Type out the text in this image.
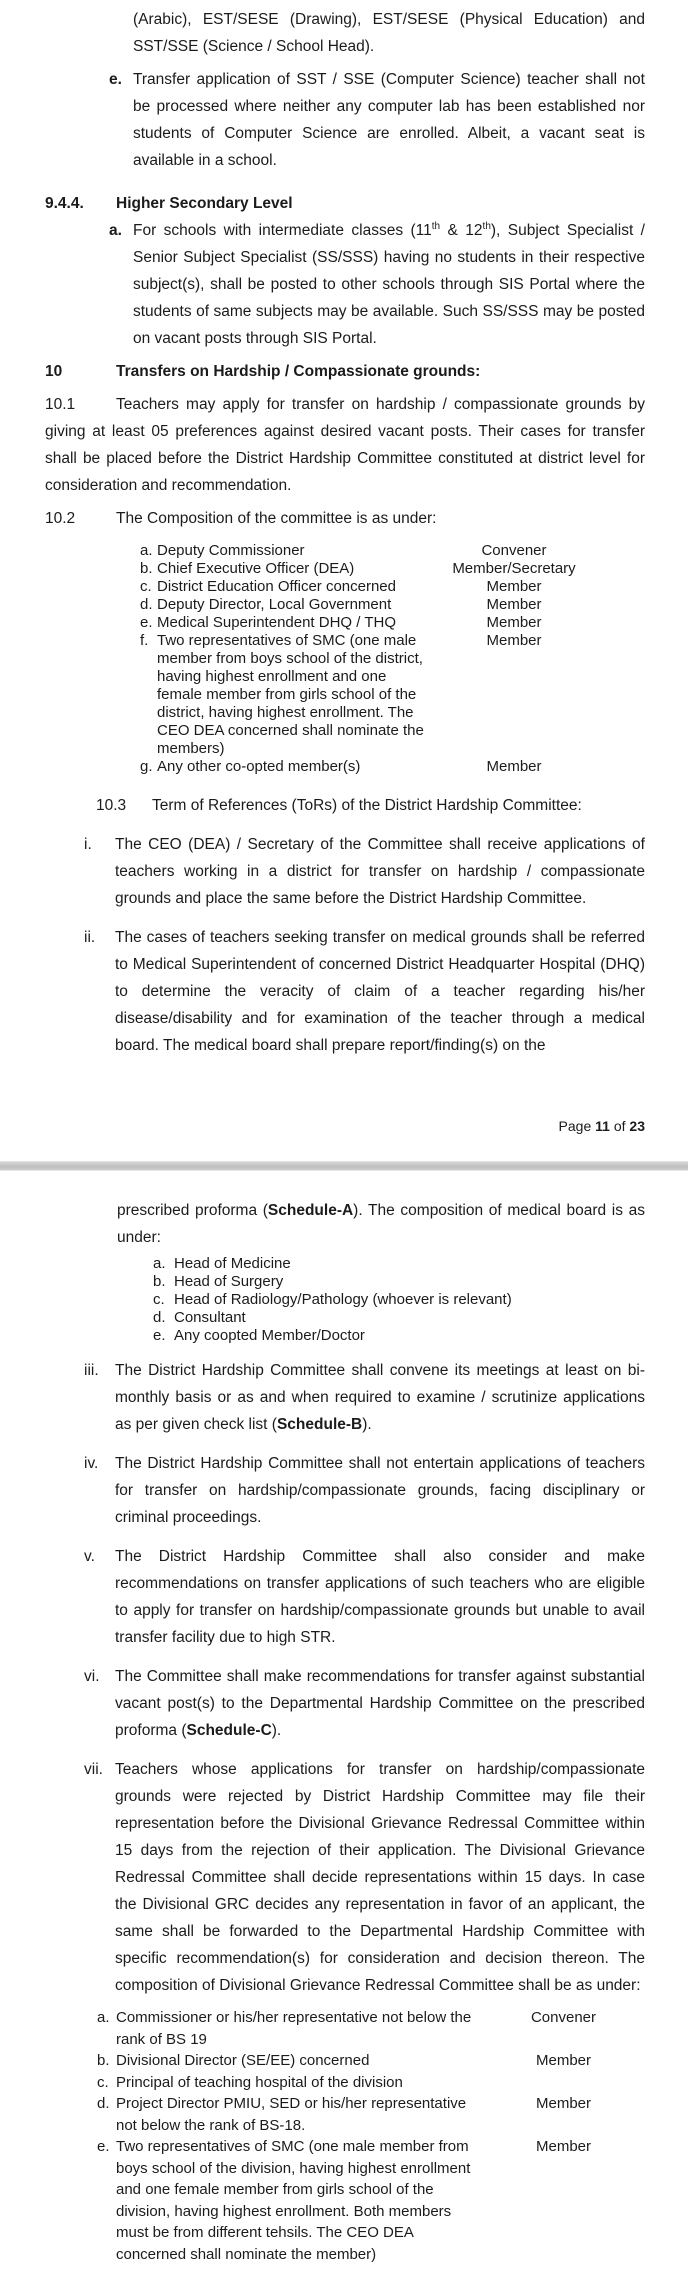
(Arabic), EST/SESE (Drawing), EST/SESE (Physical Education) and SST/SSE (Science / School Head).

e. Transfer application of SST / SSE (Computer Science) teacher shall not be processed where neither any computer lab has been established nor students of Computer Science are enrolled. Albeit, a vacant seat is available in a school.

9.4.4. Higher Secondary Level

a. For schools with intermediate classes (11th & 12th), Subject Specialist / Senior Subject Specialist (SS/SSS) having no students in their respective subject(s), shall be posted to other schools through SIS Portal where the students of same subjects may be available. Such SS/SSS may be posted on vacant posts through SIS Portal.

10	Transfers on Hardship / Compassionate grounds:

10.1	Teachers may apply for transfer on hardship / compassionate grounds by giving at least 05 preferences against desired vacant posts. Their cases for transfer shall be placed before the District Hardship Committee constituted at district level for consideration and recommendation.

10.2	The Composition of the committee is as under:

a. Deputy Commissioner	Convener
b. Chief Executive Officer (DEA)	Member/Secretary
c. District Education Officer concerned	Member
d. Deputy Director, Local Government	Member
e. Medical Superintendent DHQ / THQ	Member
f. Two representatives of SMC (one male member from boys school of the district, having highest enrollment and one female member from girls school of the district, having highest enrollment. The CEO DEA concerned shall nominate the members)
Member
g. Any other co-opted member(s)	Member

10.3 Term of References (ToRs) of the District Hardship Committee:

i.	The CEO (DEA) / Secretary of the Committee shall receive applications of teachers working in a district for transfer on hardship / compassionate grounds and place the same before the District Hardship Committee.
ii.	The cases of teachers seeking transfer on medical grounds shall be referred to Medical Superintendent of concerned District Headquarter Hospital (DHQ) to determine the veracity of claim of a teacher regarding his/her disease/disability and for examination of the teacher through a medical board. The medical board shall prepare report/finding(s) on the
Page 11 of 23

prescribed proforma (Schedule-A). The composition of medical board is as under:

a. Head of Medicine
b. Head of Surgery
c. Head of Radiology/Pathology (whoever is relevant)
d. Consultant
e. Any coopted Member/Doctor
iii.	The District Hardship Committee shall convene its meetings at least on bi-monthly basis or as and when required to examine / scrutinize applications as per given check list (Schedule-B).
iv.	The District Hardship Committee shall not entertain applications of teachers for transfer on hardship/compassionate grounds, facing disciplinary or criminal proceedings.
v.	The District Hardship Committee shall also consider and make recommendations on transfer applications of such teachers who are eligible to apply for transfer on hardship/compassionate grounds but unable to avail transfer facility due to high STR.
vi.	The Committee shall make recommendations for transfer against substantial vacant post(s) to the Departmental Hardship Committee on the prescribed proforma (Schedule-C).
vii. Teachers whose applications for transfer on hardship/compassionate grounds were rejected by District Hardship Committee may file their representation before the Divisional Grievance Redressal Committee within 15 days from the rejection of their application. The Divisional Grievance Redressal Committee shall decide representations within 15 days. In case the Divisional GRC decides any representation in favor of an applicant, the same shall be forwarded to the Departmental Hardship Committee with specific recommendation(s) for consideration and decision thereon. The composition of Divisional Grievance Redressal Committee shall be as under:
a. Commissioner or his/her representative not below the rank of BS 19
Convener
b. Divisional Director (SE/EE) concerned	Member
c. Principal of teaching hospital of the division
d. Project Director PMIU, SED or his/her representative not below the rank of BS-18.
Member
e. Two representatives of SMC (one male member from boys school of the division, having highest enrollment and one female member from girls school of the division, having highest enrollment. Both members must be from different tehsils. The CEO DEA concerned shall nominate the member)
Member
